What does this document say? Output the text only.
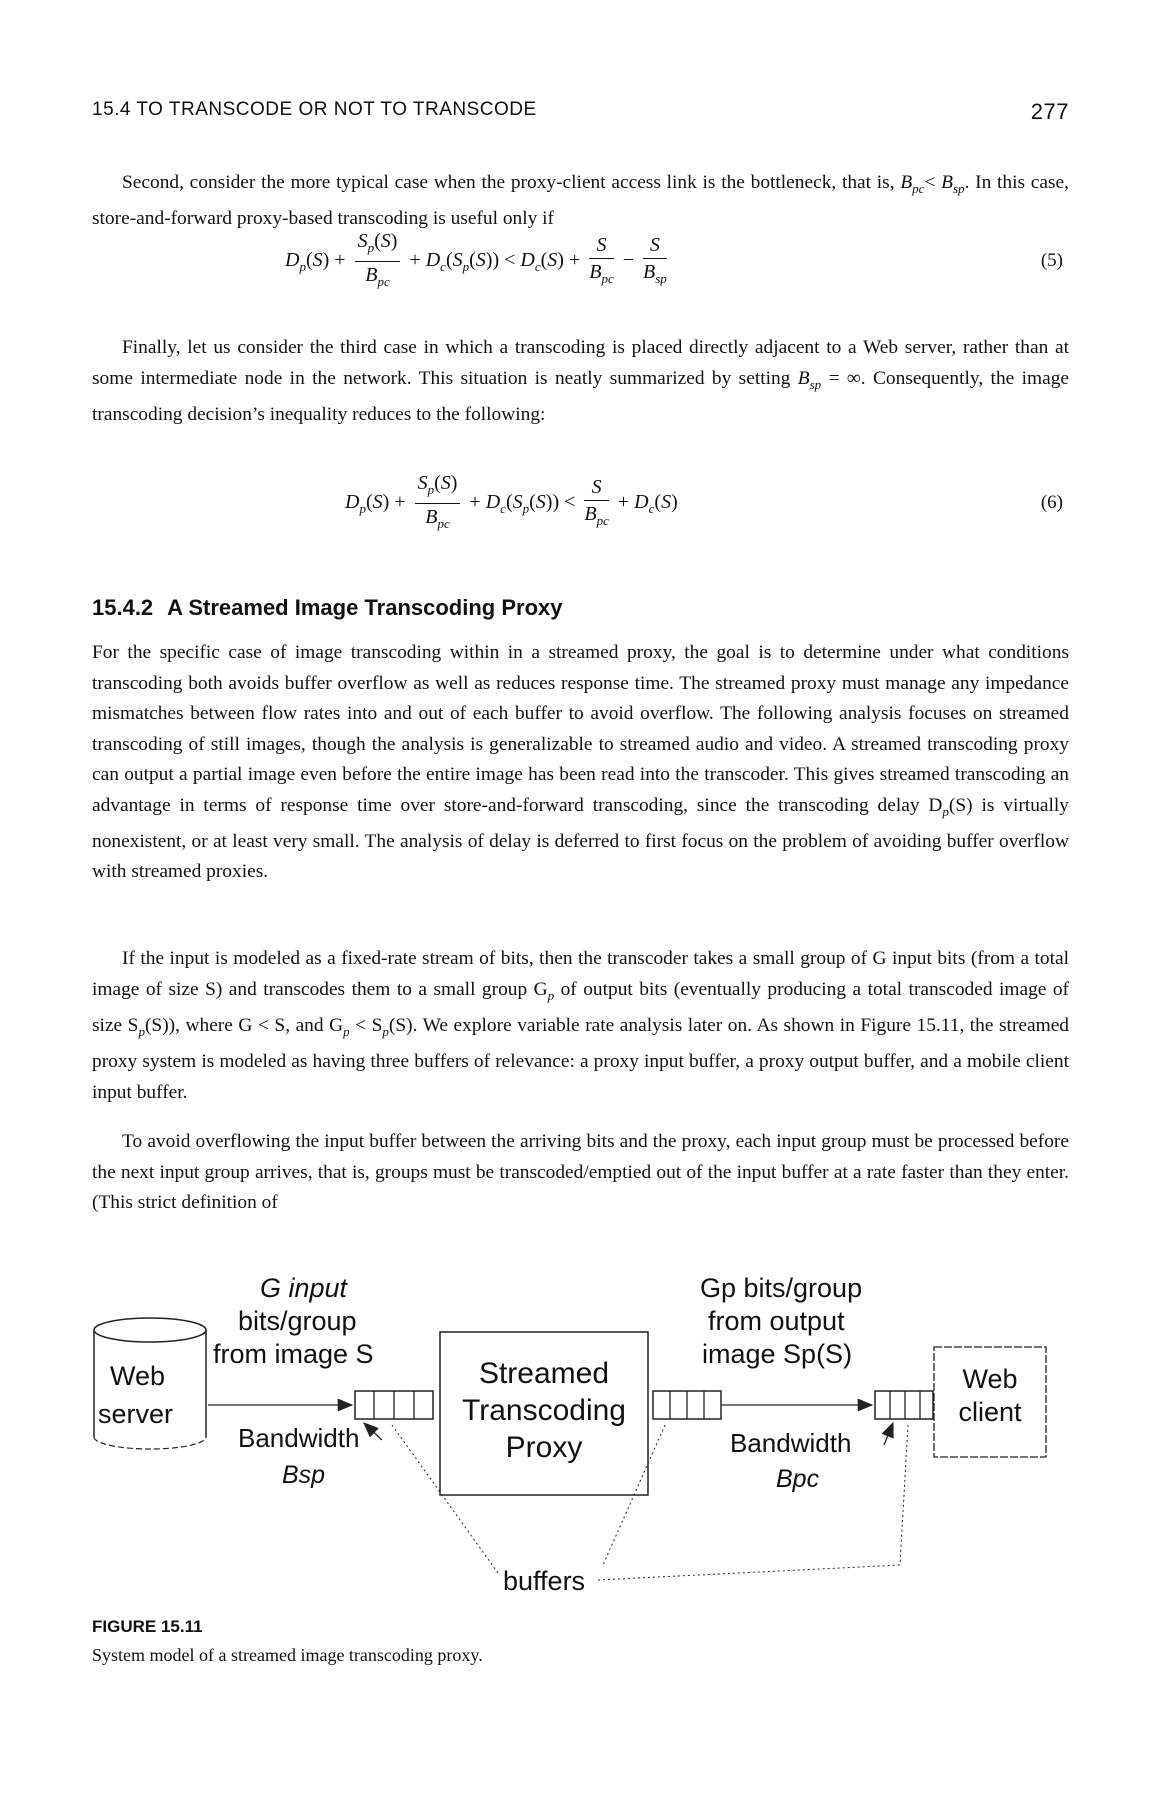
15.4 TO TRANSCODE OR NOT TO TRANSCODE	277

Second, consider the more typical case when the proxy-client access link is the bottleneck, that is, $B_{pc}< B_{sp}$. In this case, store-and-forward proxy-based transcoding is useful only if

$D_p(S) + \frac{S_p(S)}{B_{pc}} + D_c(S_p(S)) < D_c(S) + \frac{S}{B_{pc}} - \frac{S}{B_{sp}}$	(5)

Finally, let us consider the third case in which a transcoding is placed directly adjacent to a Web server, rather than at some intermediate node in the network. This situation is neatly summarized by setting $B_{sp}$ = ∞. Consequently, the image transcoding decision’s inequality reduces to the following:

$D_p(S) + \frac{S_p(S)}{B_{pc}} + D_c(S_p(S)) < \frac{S}{B_{pc}} + D_c(S)$	(6)
15.4.2 A Streamed Image Transcoding Proxy

For the specific case of image transcoding within in a streamed proxy, the goal is to determine under what conditions transcoding both avoids buffer overflow as well as reduces response time. The streamed proxy must manage any impedance mismatches between flow rates into and out of each buffer to avoid overflow. The following analysis focuses on streamed transcoding of still images, though the analysis is generalizable to streamed audio and video. A streamed transcoding proxy can output a partial image even before the entire image has been read into the transcoder. This gives streamed transcoding an advantage in terms of response time over store-and-forward transcoding, since the transcoding delay $D_p(S)$ is virtually nonexistent, or at least very small. The analysis of delay is deferred to first focus on the problem of avoiding buffer overflow with streamed proxies.

If the input is modeled as a fixed-rate stream of bits, then the transcoder takes a small group of G input bits (from a total image of size S) and transcodes them to a small group $G_p$ of output bits (eventually producing a total transcoded image of size $S_p(S)$), where G < S, and $G_p < S_p(S)$. We explore variable rate analysis later on. As shown in Figure 15.11, the streamed proxy system is modeled as having three buffers of relevance: a proxy input buffer, a proxy output buffer, and a mobile client input buffer.

To avoid overflowing the input buffer between the arriving bits and the proxy, each input group must be processed before the next input group arrives, that is, groups must be transcoded/emptied out of the input buffer at a rate faster than they enter. (This strict definition of

Web
server
G input
bits/group
from image S
Streamed
Transcoding
Proxy
Gp bits/group
from output
image Sp(S)
Web
client
Bandwidth
Bsp
Bandwidth
Bpc
buffers
FIGURE 15.11
System model of a streamed image transcoding proxy.
